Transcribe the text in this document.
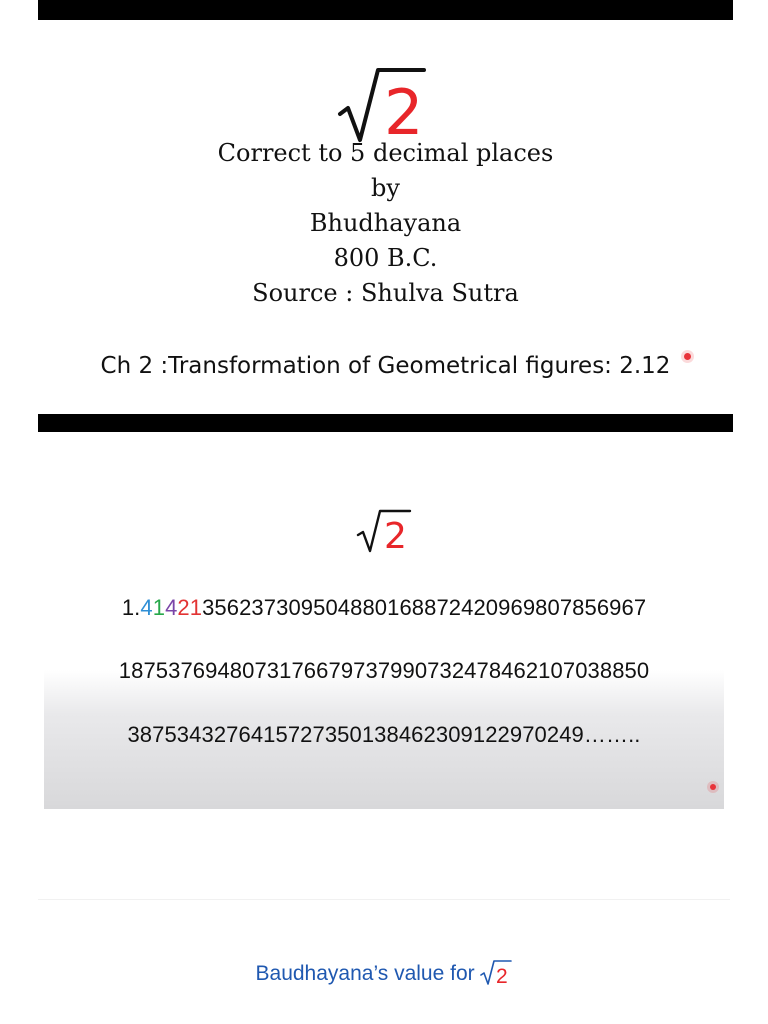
2
Correct to 5 decimal places
by
Bhudhayana
800 B.C.
Source : Shulva Sutra
Ch 2 :Transformation of Geometrical figures: 2.12
2
1.41421356237309504880168872420969807856967
187537694807317667973799073247846210703885​0
387534327641572735013846230912297024​9……..
Baudhayana’s value for 2
